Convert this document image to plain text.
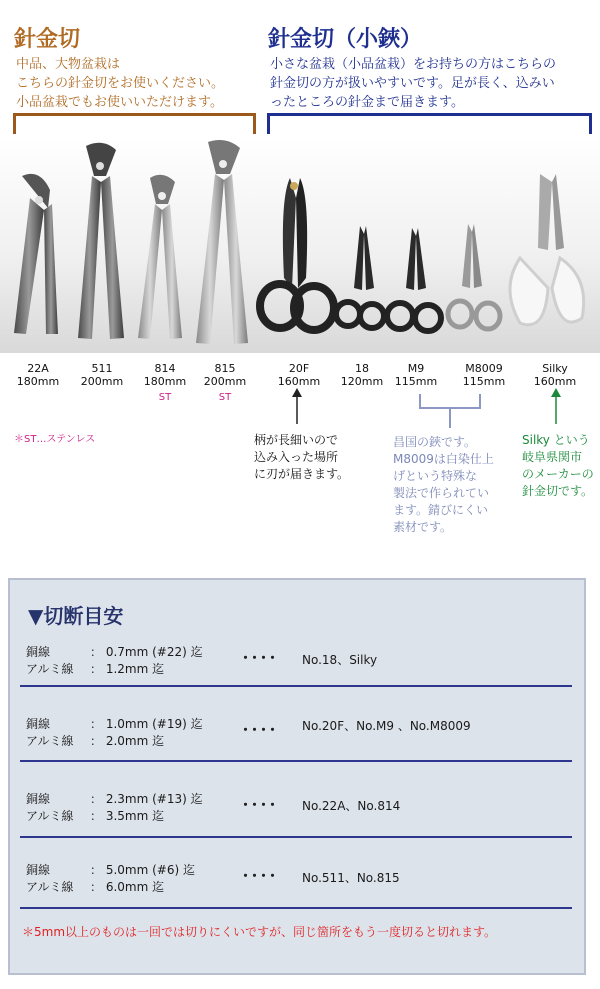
針金切
中品、大物盆栽は
こちらの針金切をお使いください。
小品盆栽でもお使いいただけます。
針金切（小鋏）
小さな盆栽（小品盆栽）をお持ちの方はこちらの
針金切の方が扱いやすいです。足が長く、込みい
ったところの針金まで届きます。
22A
180mm
511
200mm
814
180mm
815
200mm
20F
160mm
18
120mm
M9
115mm
M8009
115mm
Silky
160mm
ST	ST
＊ST…ステンレス	柄が長細いので
込み入った場所
に刃が届きます。
昌国の鋏です。
M8009は白染仕上
げという特殊な
製法で作られてい
ます。錆びにくい
素材です。
Silky という
岐阜県関市
のメーカーの
針金切です。
▼切断目安
銅線	： 0.7mm (#22) 迄
アルミ線 ： 1.2mm 迄
････ No.18、Silky
銅線	： 1.0mm (#19) 迄
アルミ線 ： 2.0mm 迄
････ No.20F、No.M9 、No.M8009
銅線	： 2.3mm (#13) 迄
アルミ線 ： 3.5mm 迄
････ No.22A、No.814
銅線	： 5.0mm (#6) 迄
アルミ線 ： 6.0mm 迄
････ No.511、No.815
＊5mm以上のものは一回では切りにくいですが、同じ箇所をもう一度切ると切れます。
